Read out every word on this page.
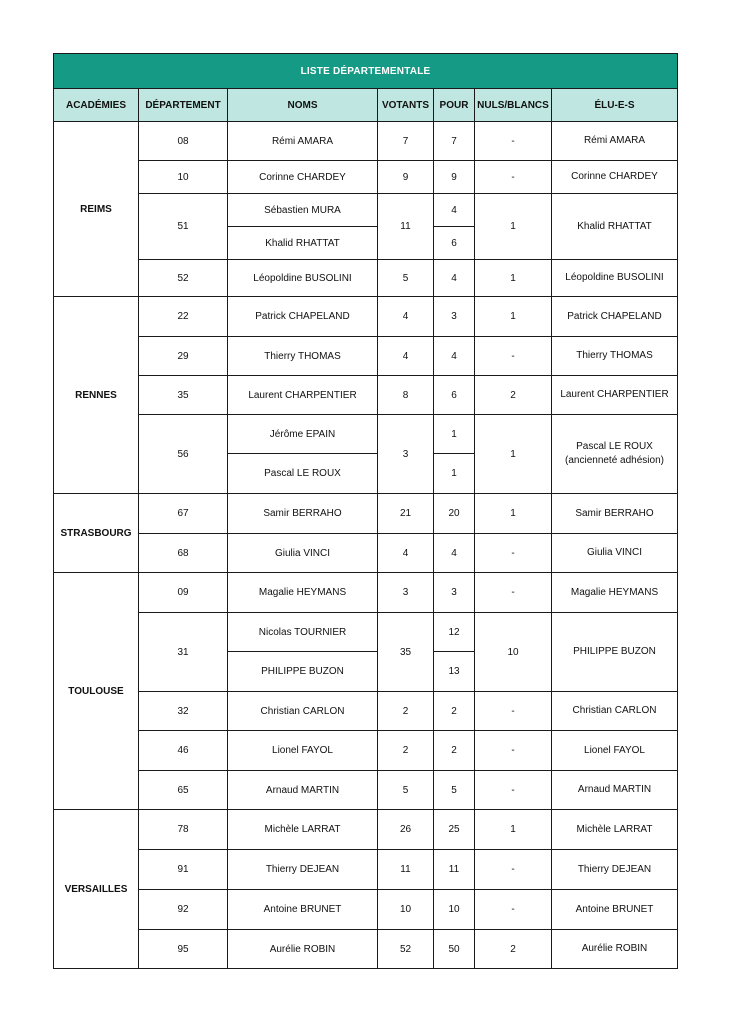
LISTE DÉPARTEMENTALE						
ACADÉMIES	DÉPARTEMENT	NOMS	VOTANTS	POUR	NULS/BLANCS	ÉLU-E-S
REIMS	08	Rémi AMARA	7	7	-	Rémi AMARA
	10	Corinne CHARDEY	9	9	-	Corinne CHARDEY
	51	Sébastien MURA	11	4	1	Khalid RHATTAT
		Khalid RHATTAT		6		
	52	Léopoldine BUSOLINI	5	4	1	Léopoldine BUSOLINI
RENNES	22	Patrick CHAPELAND	4	3	1	Patrick CHAPELAND
	29	Thierry THOMAS	4	4	-	Thierry THOMAS
	35	Laurent CHARPENTIER	8	6	2	Laurent CHARPENTIER
	56	Jérôme EPAIN	3	1	1	Pascal LE ROUX
(ancienneté adhésion)

		Pascal LE ROUX		1		
STRASBOURG	67	Samir BERRAHO	21	20	1	Samir BERRAHO
	68	Giulia VINCI	4	4	-	Giulia VINCI
TOULOUSE	09	Magalie HEYMANS	3	3	-	Magalie HEYMANS
	31	Nicolas TOURNIER	35	12	10	PHILIPPE BUZON
		PHILIPPE BUZON		13		
	32	Christian CARLON	2	2	-	Christian CARLON
	46	Lionel FAYOL	2	2	-	Lionel FAYOL
	65	Arnaud MARTIN	5	5	-	Arnaud MARTIN
VERSAILLES	78	Michèle LARRAT	26	25	1	Michèle LARRAT
	91	Thierry DEJEAN	11	11	-	Thierry DEJEAN
	92	Antoine BRUNET	10	10	-	Antoine BRUNET
	95	Aurélie ROBIN	52	50	2	Aurélie ROBIN
